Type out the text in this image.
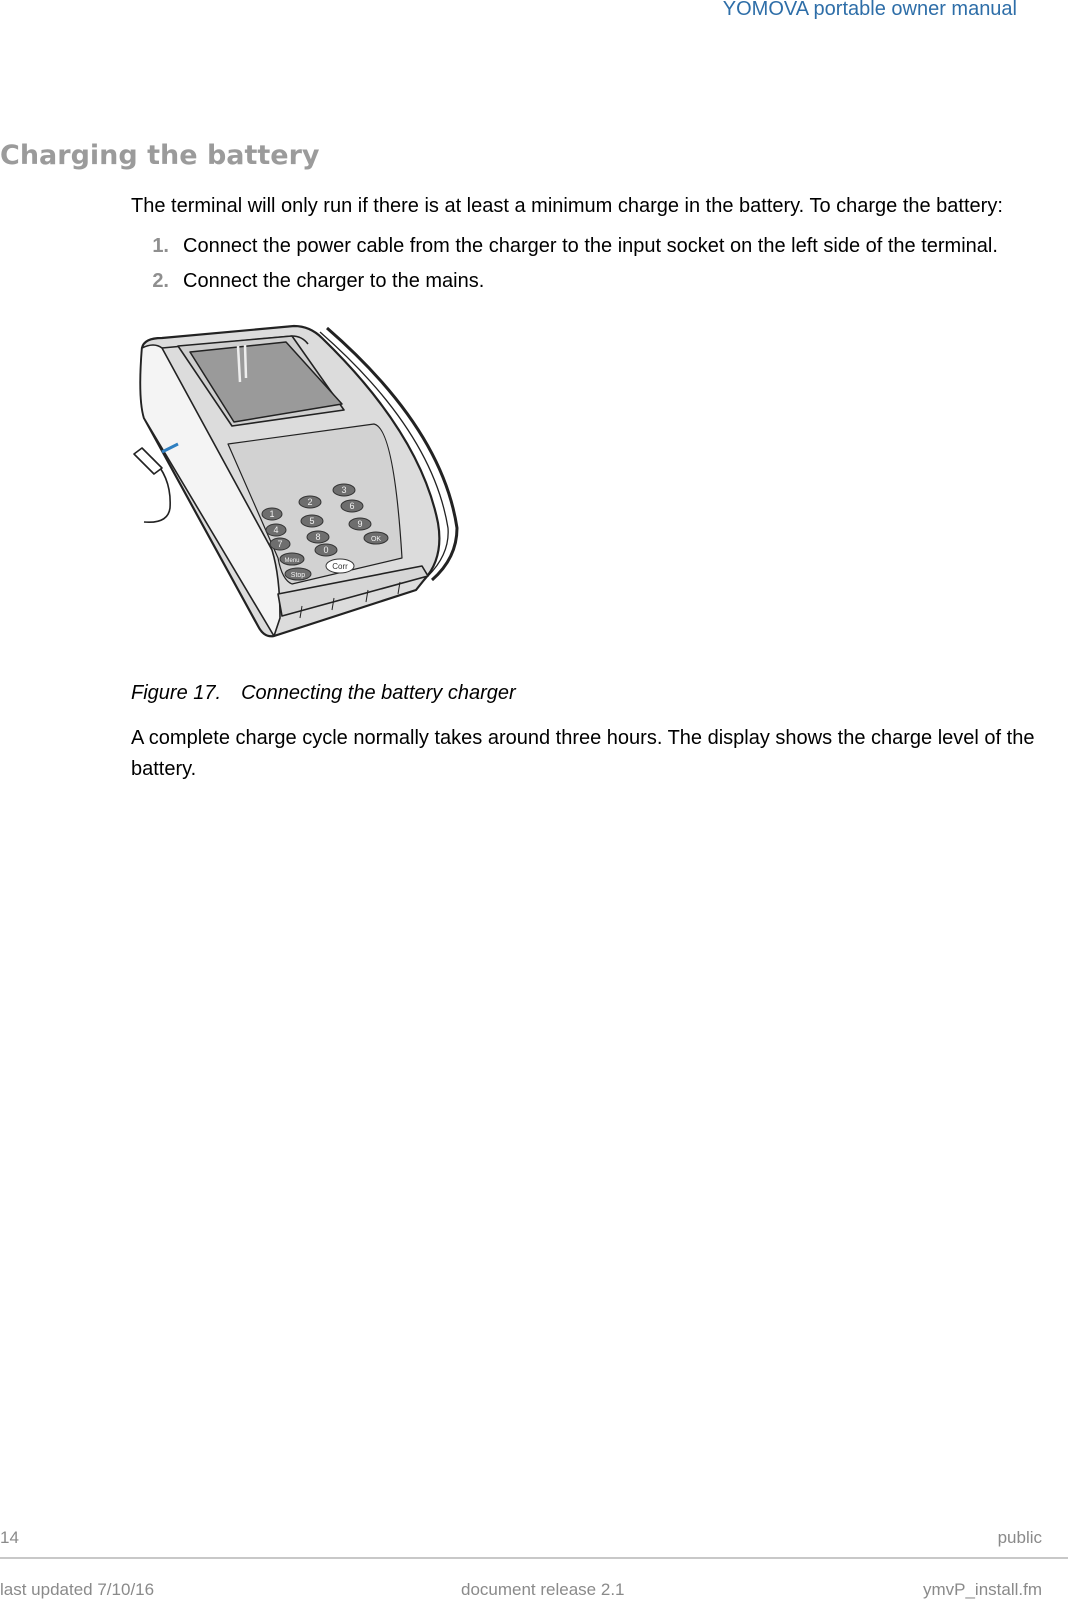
YOMOVA portable owner manual
Charging the battery
The terminal will only run if there is at least a minimum charge in the battery. To charge the battery:
1. Connect the power cable from the charger to the input socket on the left side of the terminal.
2. Connect the charger to the mains.
2
3
1
5
6
4
8
9
7
0
Menu
OK
Stop
Corr
Figure 17. Connecting the battery charger
A complete charge cycle normally takes around three hours. The display shows the charge level of the battery.
14	public
last updated 7/10/16	document release 2.1	ymvP_install.fm
